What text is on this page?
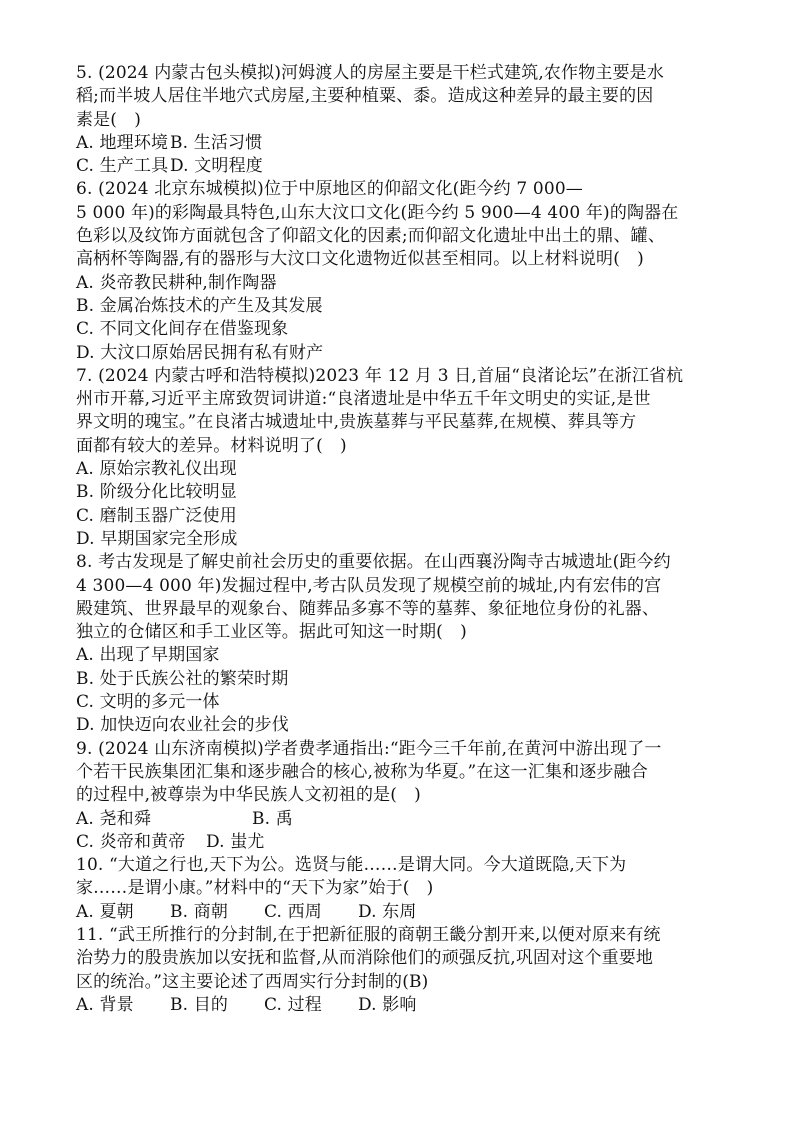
5. (2024 内蒙古包头模拟)河姆渡人的房屋主要是干栏式建筑,农作物主要是水
稻;而半坡人居住半地穴式房屋,主要种植粟、黍。造成这种差异的最主要的因
素是(　)
A. 地理环境 B. 生活习惯
C. 生产工具 D. 文明程度
6. (2024 北京东城模拟)位于中原地区的仰韶文化(距今约 7 000—
5 000 年)的彩陶最具特色,山东大汶口文化(距今约 5 900—4 400 年)的陶器在
色彩以及纹饰方面就包含了仰韶文化的因素;而仰韶文化遗址中出土的鼎、罐、
高柄杯等陶器,有的器形与大汶口文化遗物近似甚至相同。以上材料说明(　)
A. 炎帝教民耕种,制作陶器
B. 金属冶炼技术的产生及其发展
C. 不同文化间存在借鉴现象
D. 大汶口原始居民拥有私有财产
7. (2024 内蒙古呼和浩特模拟)2023 年 12 月 3 日,首届“良渚论坛”在浙江省杭
州市开幕,习近平主席致贺词讲道:“良渚遗址是中华五千年文明史的实证,是世
界文明的瑰宝。”在良渚古城遗址中,贵族墓葬与平民墓葬,在规模、葬具等方
面都有较大的差异。材料说明了(　)
A. 原始宗教礼仪出现
B. 阶级分化比较明显
C. 磨制玉器广泛使用
D. 早期国家完全形成
8. 考古发现是了解史前社会历史的重要依据。在山西襄汾陶寺古城遗址(距今约
4 300—4 000 年)发掘过程中,考古队员发现了规模空前的城址,内有宏伟的宫
殿建筑、世界最早的观象台、随葬品多寡不等的墓葬、象征地位身份的礼器、
独立的仓储区和手工业区等。据此可知这一时期(　)
A. 出现了早期国家
B. 处于氏族公社的繁荣时期
C. 文明的多元一体
D. 加快迈向农业社会的步伐
9. (2024 山东济南模拟)学者费孝通指出:“距今三千年前,在黄河中游出现了一
个若干民族集团汇集和逐步融合的核心,被称为华夏。”在这一汇集和逐步融合
的过程中,被尊崇为中华民族人文初祖的是(　)
A. 尧和舜	B. 禹
C. 炎帝和黄帝	D. 蚩尤
10. “大道之行也,天下为公。选贤与能……是谓大同。今大道既隐,天下为
家……是谓小康。”材料中的“天下为家”始于(　)
A. 夏朝	B. 商朝	C. 西周	D. 东周
11. “武王所推行的分封制,在于把新征服的商朝王畿分割开来,以便对原来有统
治势力的殷贵族加以安抚和监督,从而消除他们的顽强反抗,巩固对这个重要地
区的统治。”这主要论述了西周实行分封制的(B)
A. 背景	B. 目的	C. 过程	D. 影响
